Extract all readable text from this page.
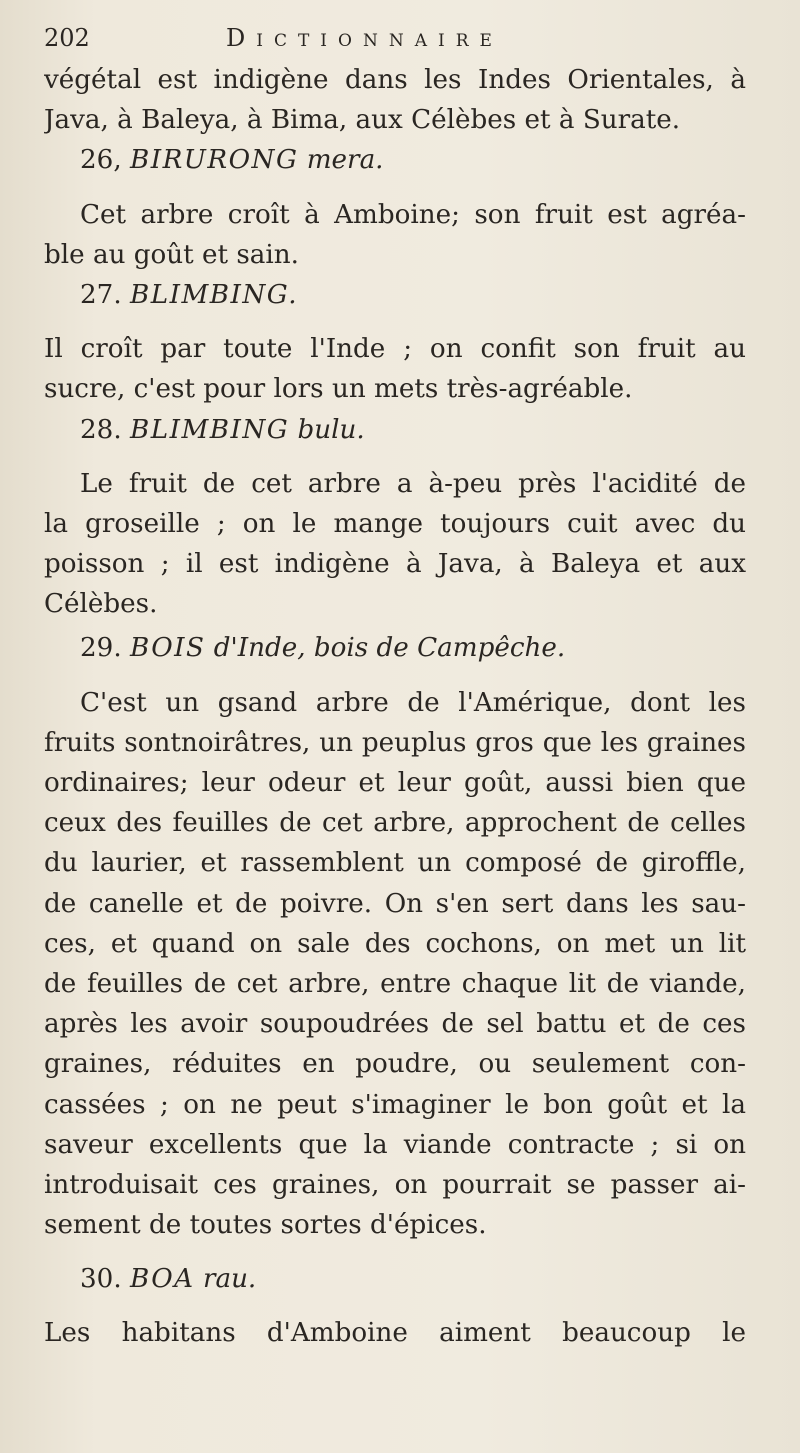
202	Dictionnaire
végétal est indigène dans les Indes Orientales, à
Java, à Baleya, à Bima, aux Célèbes et à Surate.
26, BIRURONG mera.
Cet arbre croît à Amboine; son fruit est agréa-
ble au goût et sain.
27. BLIMBING.
Il croît par toute l'Inde ; on confit son fruit au
sucre, c'est pour lors un mets très-agréable.
28. BLIMBING bulu.
Le fruit de cet arbre a à-peu près l'acidité de
la groseille ; on le mange toujours cuit avec du
poisson ; il est indigène à Java, à Baleya et aux
Célèbes.
29. BOIS d'Inde, bois de Campêche.
C'est un gsand arbre de l'Amérique, dont les
fruits sontnoirâtres, un peuplus gros que les graines
ordinaires; leur odeur et leur goût, aussi bien que
ceux des feuilles de cet arbre, approchent de celles
du laurier, et rassemblent un composé de giroffle,
de canelle et de poivre. On s'en sert dans les sau-
ces, et quand on sale des cochons, on met un lit
de feuilles de cet arbre, entre chaque lit de viande,
après les avoir soupoudrées de sel battu et de ces
graines, réduites en poudre, ou seulement con-
cassées ; on ne peut s'imaginer le bon goût et la
saveur excellents que la viande contracte ; si on
introduisait ces graines, on pourrait se passer ai-
sement de toutes sortes d'épices.
30. BOA rau.
Les habitans d'Amboine aiment beaucoup le
